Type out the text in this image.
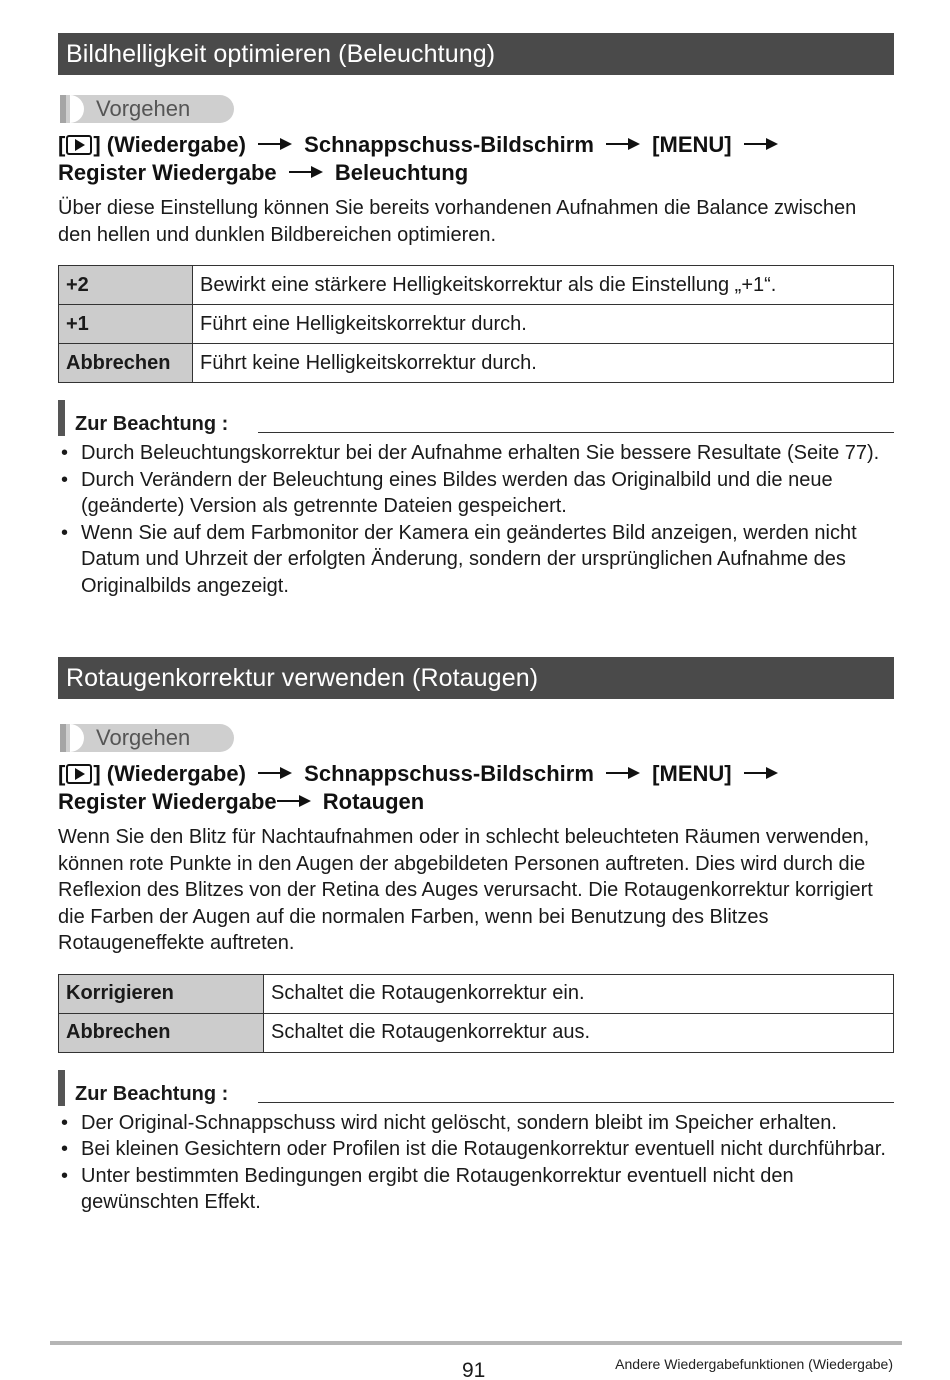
Bildhelligkeit optimieren (Beleuchtung)
Vorgehen
[ ] (Wiedergabe)	Schnappschuss-Bildschirm	[MENU]
Register Wiedergabe	Beleuchtung

Über diese Einstellung können Sie bereits vorhandenen Aufnahmen die Balance zwischen den hellen und dunklen Bildbereichen optimieren.

+2	Bewirkt eine stärkere Helligkeitskorrektur als die Einstellung „+1“.
+1	Führt eine Helligkeitskorrektur durch.
Abbrechen	Führt keine Helligkeitskorrektur durch.
Zur Beachtung :
• Durch Beleuchtungskorrektur bei der Aufnahme erhalten Sie bessere Resultate (Seite 77).
• Durch Verändern der Beleuchtung eines Bildes werden das Originalbild und die neue (geänderte) Version als getrennte Dateien gespeichert.
• Wenn Sie auf dem Farbmonitor der Kamera ein geändertes Bild anzeigen, werden nicht Datum und Uhrzeit der erfolgten Änderung, sondern der ursprünglichen Aufnahme des Originalbilds angezeigt.
Rotaugenkorrektur verwenden (Rotaugen)
Vorgehen
[ ] (Wiedergabe)	Schnappschuss-Bildschirm	[MENU]
Register Wiedergabe Rotaugen

Wenn Sie den Blitz für Nachtaufnahmen oder in schlecht beleuchteten Räumen verwenden, können rote Punkte in den Augen der abgebildeten Personen auftreten. Dies wird durch die Reflexion des Blitzes von der Retina des Auges verursacht. Die Rotaugenkorrektur korrigiert die Farben der Augen auf die normalen Farben, wenn bei Benutzung des Blitzes Rotaugeneffekte auftreten.

Korrigieren	Schaltet die Rotaugenkorrektur ein.
Abbrechen	Schaltet die Rotaugenkorrektur aus.
Zur Beachtung :
• Der Original-Schnappschuss wird nicht gelöscht, sondern bleibt im Speicher erhalten.
• Bei kleinen Gesichtern oder Profilen ist die Rotaugenkorrektur eventuell nicht durchführbar.
• Unter bestimmten Bedingungen ergibt die Rotaugenkorrektur eventuell nicht den gewünschten Effekt.
91	Andere Wiedergabefunktionen (Wiedergabe)
